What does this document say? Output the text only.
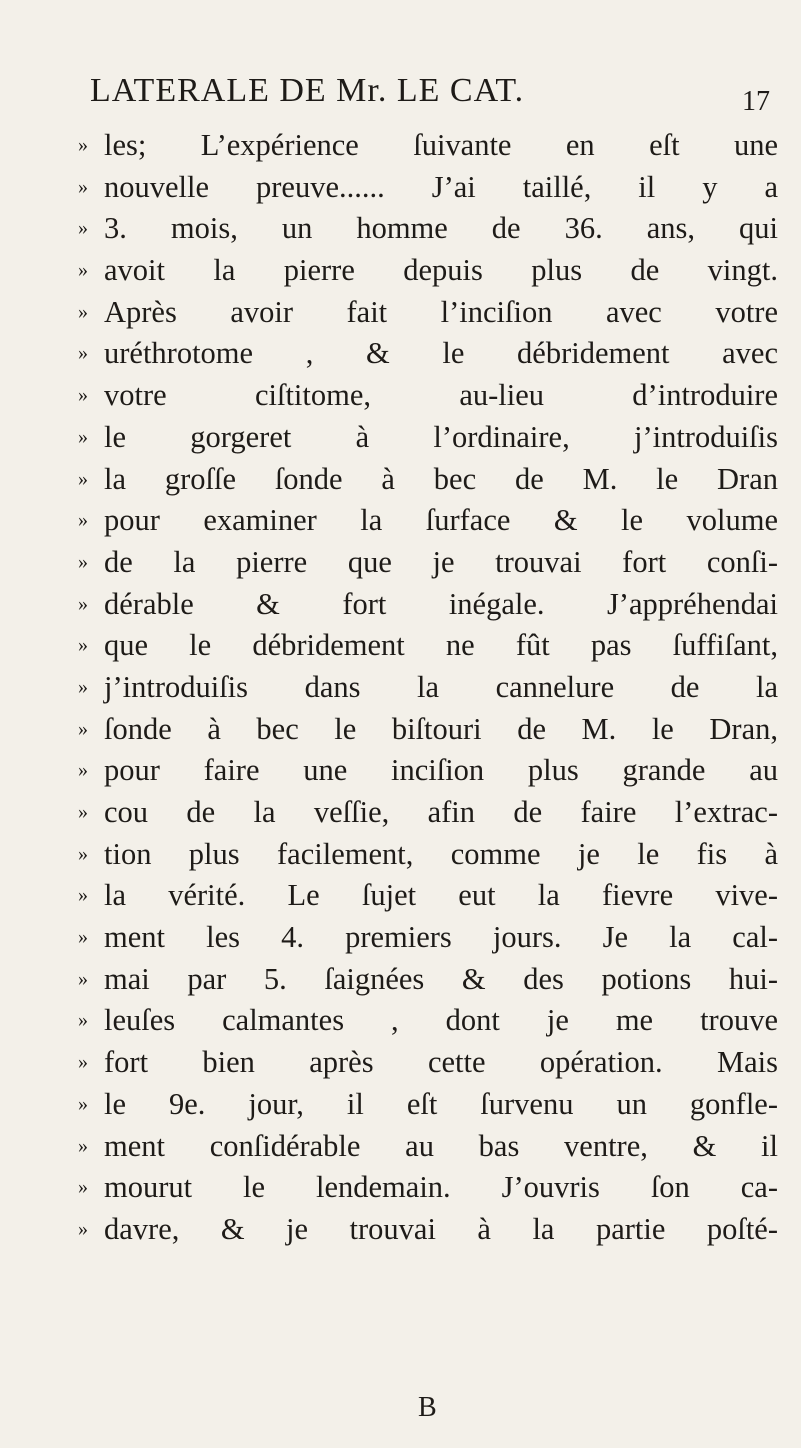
LATERALE DE Mr. LE CAT.	17
» les; L’expérience ſuivante en eſt une
» nouvelle preuve...... J’ai taillé, il y a
» 3. mois, un homme de 36. ans, qui
» avoit la pierre depuis plus de vingt.
» Après avoir fait l’inciſion avec votre
» uréthrotome , & le débridement avec
» votre ciſtitome, au-lieu d’introduire
» le gorgeret à l’ordinaire, j’introduiſis
» la groſſe ſonde à bec de M. le Dran
» pour examiner la ſurface & le volume
» de la pierre que je trouvai fort conſi-
» dérable & fort inégale. J’appréhendai
» que le débridement ne fût pas ſuffiſant,
» j’introduiſis dans la cannelure de la
» ſonde à bec le biſtouri de M. le Dran,
» pour faire une inciſion plus grande au
» cou de la veſſie, afin de faire l’extrac-
» tion plus facilement, comme je le fis à
» la vérité. Le ſujet eut la fievre vive-
» ment les 4. premiers jours. Je la cal-
» mai par 5. ſaignées & des potions hui-
» leuſes calmantes , dont je me trouve
» fort bien après cette opération. Mais
» le 9e. jour, il eſt ſurvenu un gonfle-
» ment conſidérable au bas ventre, & il
» mourut le lendemain. J’ouvris ſon ca-
» davre, & je trouvai à la partie poſté-
B
